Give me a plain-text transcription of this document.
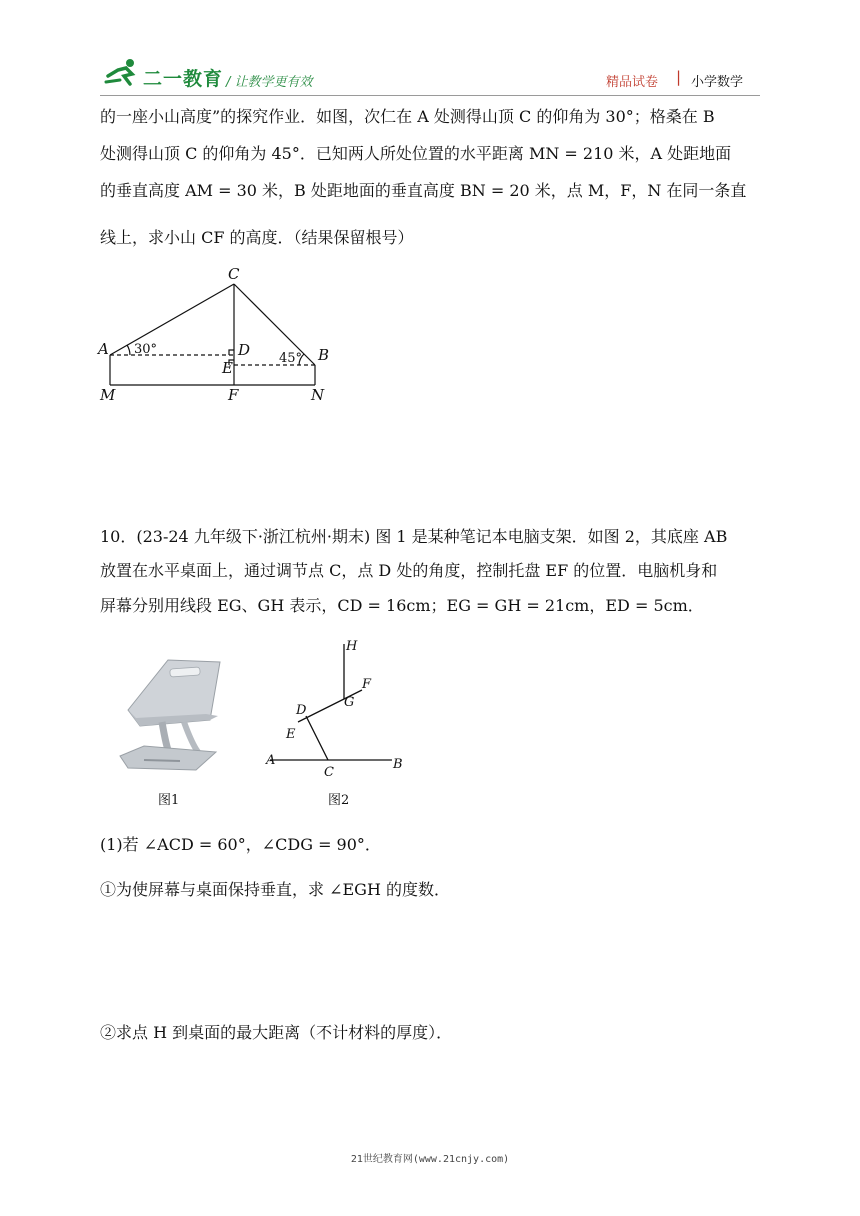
二一教育 / 让教学更有效	精品试卷 | 小学数学
的一座小山高度”的探究作业．如图，次仁在 A 处测得山顶 C 的仰角为 30°；格桑在 B
处测得山顶 C 的仰角为 45°．已知两人所处位置的水平距离 MN = 210 米，A 处距地面
的垂直高度 AM = 30 米，B 处距地面的垂直高度 BN = 20 米，点 M，F，N 在同一条直
线上，求小山 CF 的高度．（结果保留根号）
C
A	B
D
E
M	F	N
30°
45°
10．(23-24 九年级下·浙江杭州·期末) 图 1 是某种笔记本电脑支架．如图 2，其底座 AB
放置在水平桌面上，通过调节点 C，点 D 处的角度，控制托盘 EF 的位置．电脑机身和
屏幕分别用线段 EG、GH 表示，CD = 16cm；EG = GH = 21cm，ED = 5cm．
图1
H
F
G
D
E
A
C
B
图2
(1)若 ∠ACD = 60°，∠CDG = 90°．
①为使屏幕与桌面保持垂直，求 ∠EGH 的度数．
②求点 H 到桌面的最大距离（不计材料的厚度）．
21世纪教育网(www.21cnjy.com)
